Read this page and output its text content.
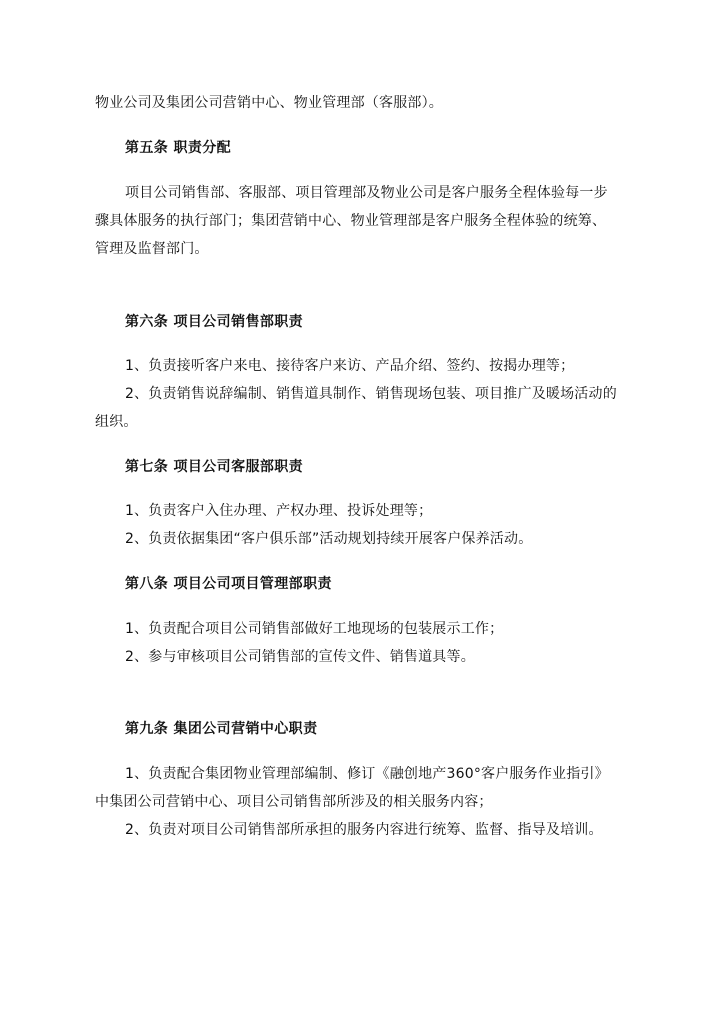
物业公司及集团公司营销中心、物业管理部（客服部）。
第五条 职责分配
项目公司销售部、客服部、项目管理部及物业公司是客户服务全程体验每一步
骤具体服务的执行部门；集团营销中心、物业管理部是客户服务全程体验的统筹、
管理及监督部门。
第六条 项目公司销售部职责
1、负责接听客户来电、接待客户来访、产品介绍、签约、按揭办理等；
2、负责销售说辞编制、销售道具制作、销售现场包装、项目推广及暖场活动的
组织。
第七条 项目公司客服部职责
1、负责客户入住办理、产权办理、投诉处理等；
2、负责依据集团“客户俱乐部”活动规划持续开展客户保养活动。
第八条 项目公司项目管理部职责
1、负责配合项目公司销售部做好工地现场的包装展示工作；
2、参与审核项目公司销售部的宣传文件、销售道具等。
第九条 集团公司营销中心职责
1、负责配合集团物业管理部编制、修订《融创地产360°客户服务作业指引》
中集团公司营销中心、项目公司销售部所涉及的相关服务内容；
2、负责对项目公司销售部所承担的服务内容进行统筹、监督、指导及培训。
